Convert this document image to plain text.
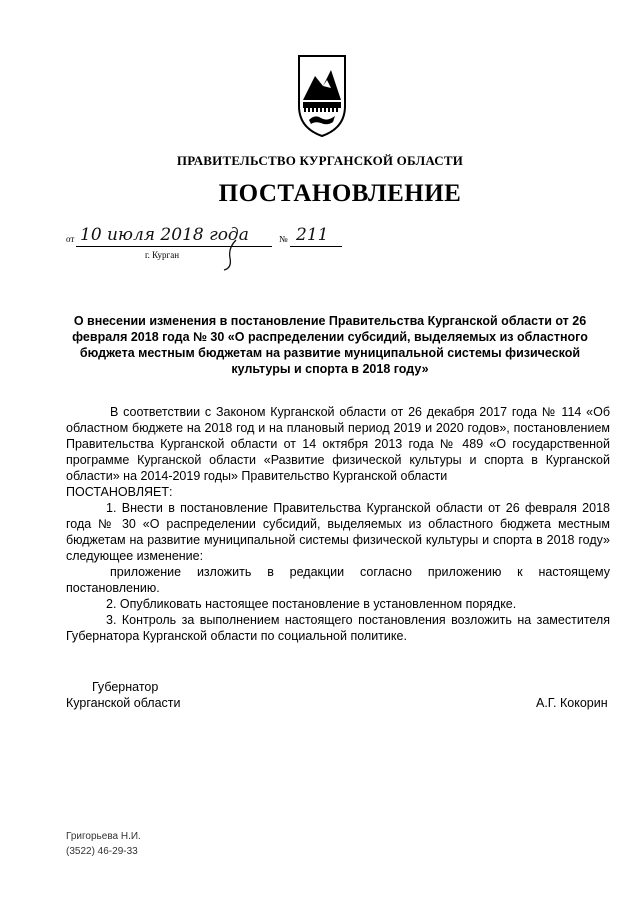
ПРАВИТЕЛЬСТВО КУРГАНСКОЙ ОБЛАСТИ
ПОСТАНОВЛЕНИЕ
от 10 июля 2018 года	№ 211
г. Курган
О внесении изменения в постановление Правительства Курганской области от 26 февраля 2018 года № 30 «О распределении субсидий, выделяемых из областного бюджета местным бюджетам на развитие муниципальной системы физической культуры и спорта в 2018 году»

В соответствии с Законом Курганской области от 26 декабря 2017 года № 114 «Об областном бюджете на 2018 год и на плановый период 2019 и 2020 годов», постановлением Правительства Курганской области от 14 октября 2013 года № 489 «О государственной программе Курганской области «Развитие физической культуры и спорта в Курганской области» на 2014-2019 годы» Правительство Курганской области

ПОСТАНОВЛЯЕТ:

1. Внести в постановление Правительства Курганской области от 26 февраля 2018 года № 30 «О распределении субсидий, выделяемых из областного бюджета местным бюджетам на развитие муниципальной системы физической культуры и спорта в 2018 году» следующее изменение:

приложение изложить в редакции согласно приложению к настоящему постановлению.

2. Опубликовать настоящее постановление в установленном порядке.

3. Контроль за выполнением настоящего постановления возложить на заместителя Губернатора Курганской области по социальной политике.

Губернатор
Курганской области	А.Г. Кокорин
Григорьева Н.И.
(3522) 46-29-33
